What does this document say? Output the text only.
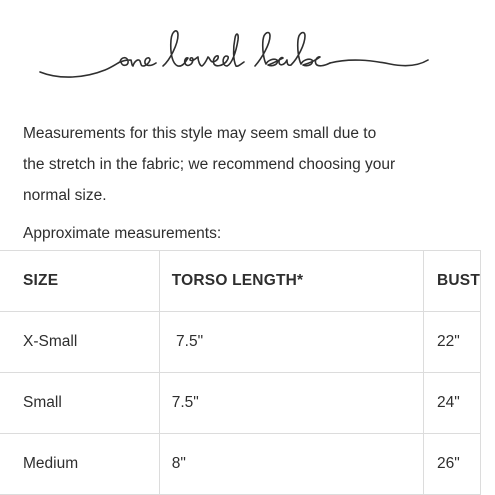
Measurements for this style may seem small due to
the stretch in the fabric; we recommend choosing your
normal size.
Approximate measurements:
SIZE	TORSO LENGTH*	BUST
X-Small	7.5"	22"
Small	7.5"	24"
Medium	8"	26"
